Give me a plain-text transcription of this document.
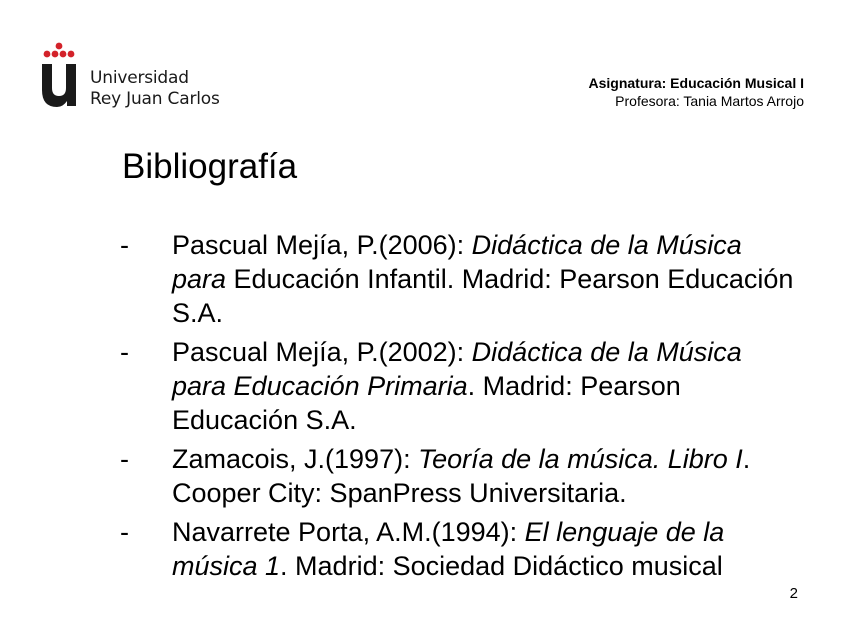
Universidad
Rey Juan Carlos
Asignatura: Educación Musical I
Profesora: Tania Martos Arrojo
Bibliografía
- Pascual Mejía, P.(2006): Didáctica de la Música para Educación Infantil. Madrid: Pearson Educación S.A.
- Pascual Mejía, P.(2002): Didáctica de la Música para Educación Primaria. Madrid: Pearson Educación S.A.
- Zamacois, J.(1997): Teoría de la música. Libro I. Cooper City: SpanPress Universitaria.
- Navarrete Porta, A.M.(1994): El lenguaje de la música 1. Madrid: Sociedad Didáctico musical
2
